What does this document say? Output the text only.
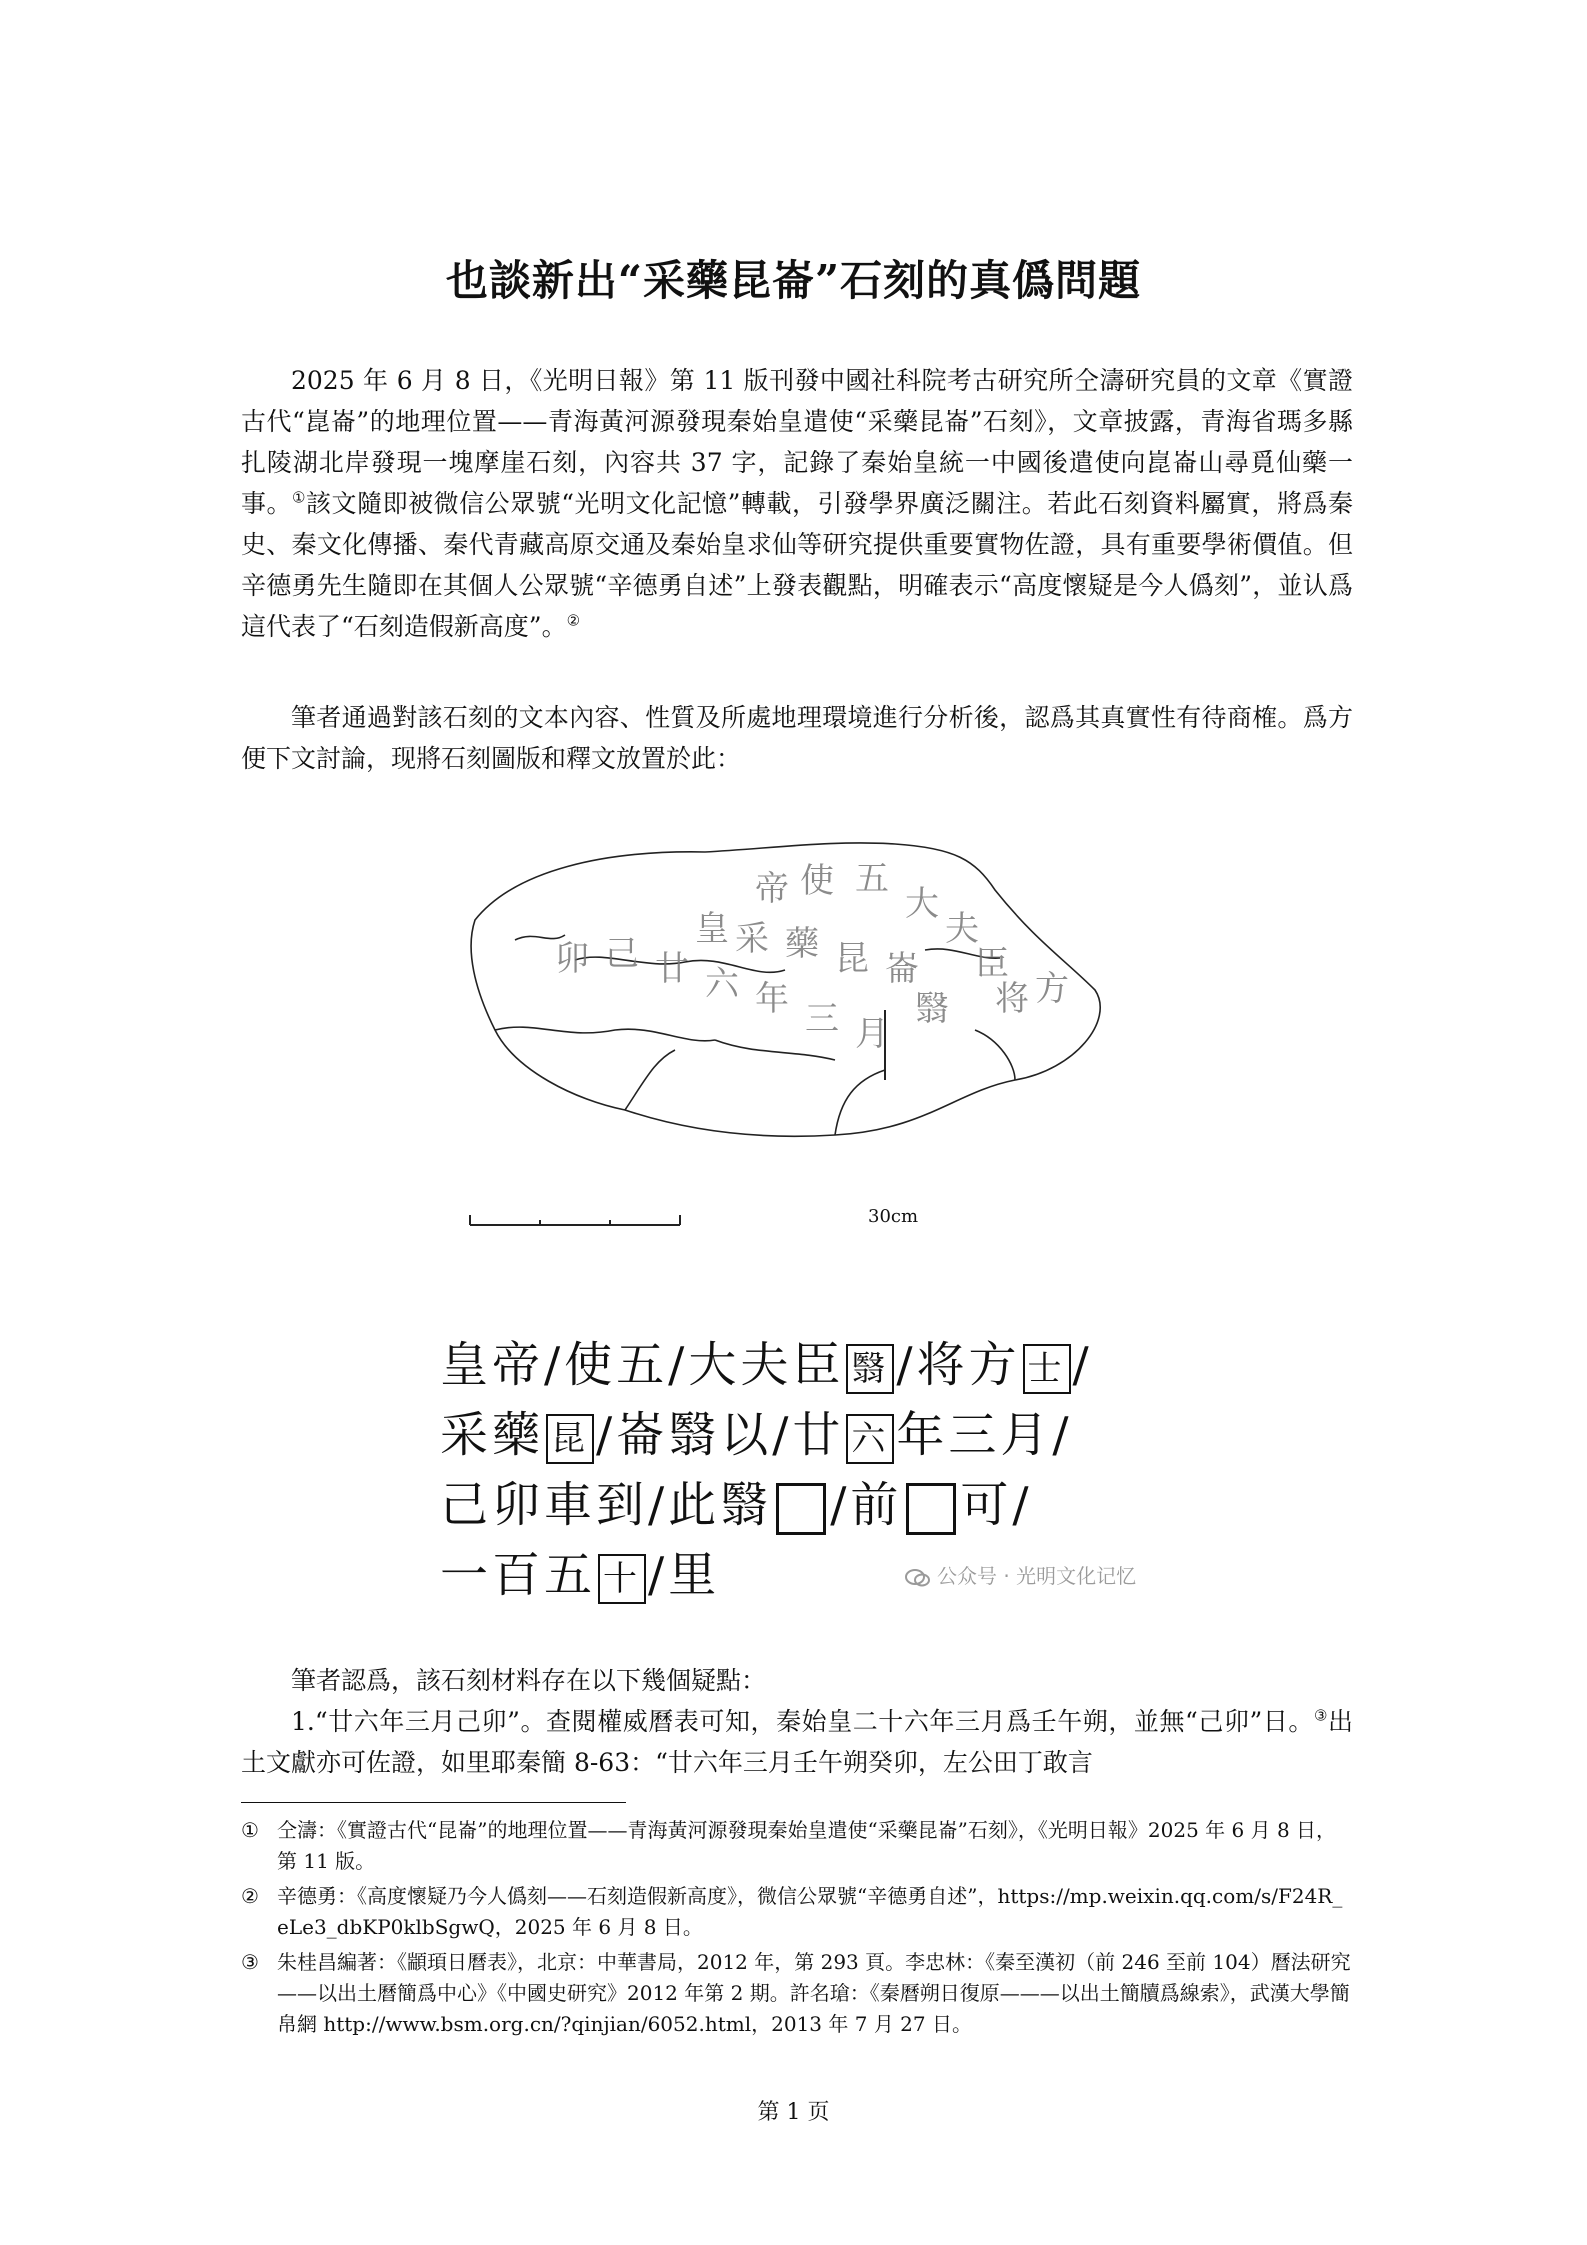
也談新出“采藥昆崙”石刻的真僞問題

2025 年 6 月 8 日，《光明日報》第 11 版刊發中國社科院考古研究所仝濤研究員的文章《實證古代“崑崙”的地理位置——青海黃河源發現秦始皇遣使“采藥昆崙”石刻》，文章披露，青海省瑪多縣扎陵湖北岸發現一塊摩崖石刻，內容共 37 字，記錄了秦始皇統一中國後遣使向崑崙山尋覓仙藥一事。①該文隨即被微信公眾號“光明文化記憶”轉載，引發學界廣泛關注。若此石刻資料屬實，將爲秦史、秦文化傳播、秦代青藏高原交通及秦始皇求仙等研究提供重要實物佐證，具有重要學術價值。但辛德勇先生隨即在其個人公眾號“辛德勇自述”上發表觀點，明確表示“高度懷疑是今人僞刻”，並认爲這代表了“石刻造假新高度”。②

筆者通過對該石刻的文本內容、性質及所處地理環境進行分析後，認爲其真實性有待商榷。爲方便下文討論，现將石刻圖版和釋文放置於此：

帝 使 五
大
夫
臣
皇 采 藥 昆 崙
翳
廿 六 年 三 月
己
将 方
卯
30cm
皇帝/使五/大夫臣 翳 /将方 士 /
采藥 昆 /崙翳以/廿 六 年三月/
己卯車到/此翳 /前 可/
一百五 十 /里	公众号 · 光明文化记忆

筆者認爲，該石刻材料存在以下幾個疑點：

1.“廿六年三月己卯”。查閱權威曆表可知，秦始皇二十六年三月爲壬午朔，並無“己卯”日。③出土文獻亦可佐證，如里耶秦簡 8-63：“廿六年三月壬午朔癸卯，左公田丁敢言

① 仝濤：《實證古代“昆崙”的地理位置——青海黃河源發現秦始皇遣使“采藥昆崙”石刻》，《光明日報》2025 年 6 月 8 日，第 11 版。
② 辛德勇：《高度懷疑乃今人僞刻——石刻造假新高度》，微信公眾號“辛德勇自述”，https://mp.weixin.qq.com/s/F24R_eLe3_dbKP0klbSgwQ，2025 年 6 月 8 日。
③ 朱桂昌編著：《顓頊日曆表》，北京：中華書局，2012 年，第 293 頁。李忠林：《秦至漢初（前 246 至前 104）曆法研究——以出土曆簡爲中心》《中國史研究》2012 年第 2 期。許名瑲：《秦曆朔日復原———以出土簡牘爲線索》，武漢大學簡帛網 http://www.bsm.org.cn/?qinjian/6052.html，2013 年 7 月 27 日。
第 1 页
